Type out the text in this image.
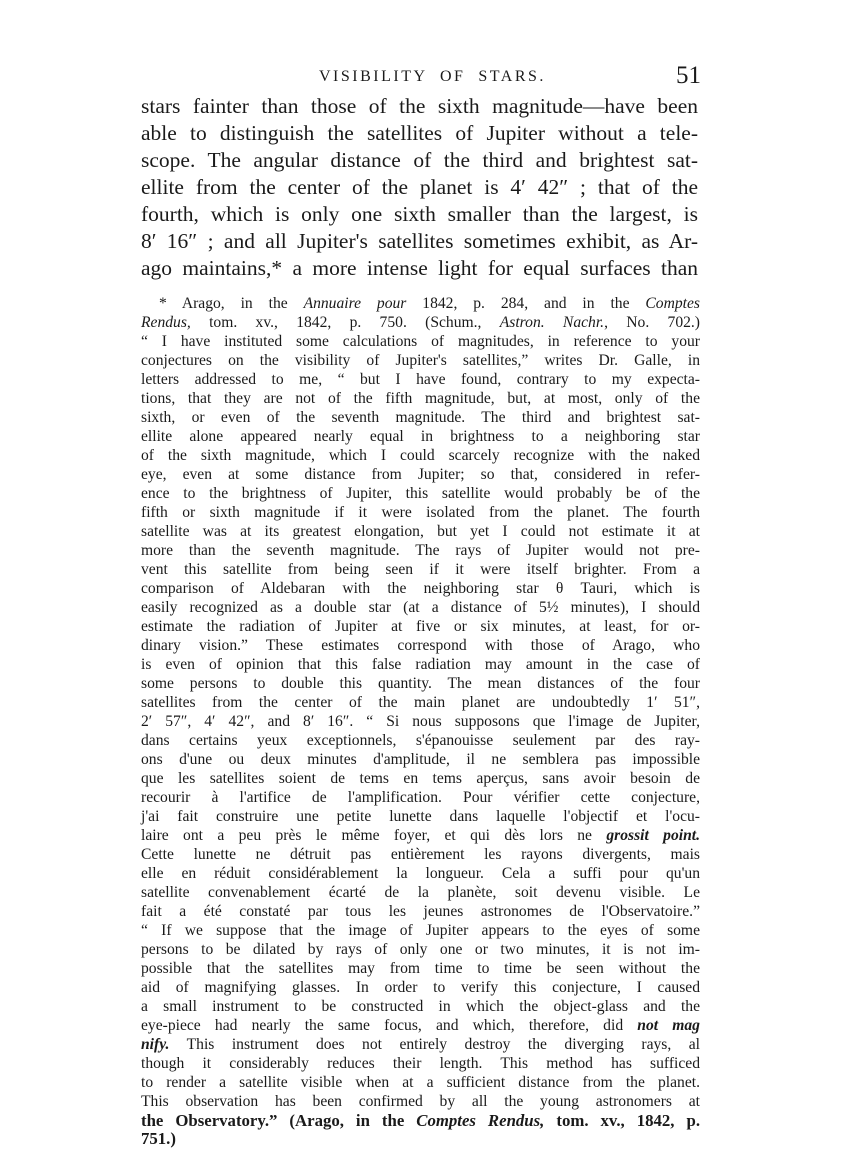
VISIBILITY  OF  STARS.	51
stars fainter than those of the sixth magnitude—have been
able to distinguish the satellites of Jupiter without a tele-
scope. The angular distance of the third and brightest sat-
ellite from the center of the planet is 4′ 42″ ; that of the
fourth, which is only one sixth smaller than the largest, is
8′ 16″ ; and all Jupiter's satellites sometimes exhibit, as Ar-
ago maintains,* a more intense light for equal surfaces than
* Arago, in the Annuaire pour 1842, p. 284, and in the Comptes
Rendus, tom. xv., 1842, p. 750. (Schum., Astron. Nachr., No. 702.)
“ I have instituted some calculations of magnitudes, in reference to your
conjectures on the visibility of Jupiter's satellites,” writes Dr. Galle, in
letters addressed to me, “ but I have found, contrary to my expecta-
tions, that they are not of the fifth magnitude, but, at most, only of the
sixth, or even of the seventh magnitude. The third and brightest sat-
ellite alone appeared nearly equal in brightness to a neighboring star
of the sixth magnitude, which I could scarcely recognize with the naked
eye, even at some distance from Jupiter; so that, considered in refer-
ence to the brightness of Jupiter, this satellite would probably be of the
fifth or sixth magnitude if it were isolated from the planet. The fourth
satellite was at its greatest elongation, but yet I could not estimate it at
more than the seventh magnitude. The rays of Jupiter would not pre-
vent this satellite from being seen if it were itself brighter. From a
comparison of Aldebaran with the neighboring star θ Tauri, which is
easily recognized as a double star (at a distance of 5½ minutes), I should
estimate the radiation of Jupiter at five or six minutes, at least, for or-
dinary vision.” These estimates correspond with those of Arago, who
is even of opinion that this false radiation may amount in the case of
some persons to double this quantity. The mean distances of the four
satellites from the center of the main planet are undoubtedly 1′ 51″,
2′ 57″, 4′ 42″, and 8′ 16″. “ Si nous supposons que l'image de Jupiter,
dans certains yeux exceptionnels, s'épanouisse seulement par des ray-
ons d'une ou deux minutes d'amplitude, il ne semblera pas impossible
que les satellites soient de tems en tems aperçus, sans avoir besoin de
recourir à l'artifice de l'amplification. Pour vérifier cette conjecture,
j'ai fait construire une petite lunette dans laquelle l'objectif et l'ocu-
laire ont a peu près le même foyer, et qui dès lors ne grossit point.
Cette lunette ne détruit pas entièrement les rayons divergents, mais
elle en réduit considérablement la longueur. Cela a suffi pour qu'un
satellite convenablement écarté de la planète, soit devenu visible. Le
fait a été constaté par tous les jeunes astronomes de l'Observatoire.”
“ If we suppose that the image of Jupiter appears to the eyes of some
persons to be dilated by rays of only one or two minutes, it is not im-
possible that the satellites may from time to time be seen without the
aid of magnifying glasses. In order to verify this conjecture, I caused
a small instrument to be constructed in which the object-glass and the
eye-piece had nearly the same focus, and which, therefore, did not mag
nify. This instrument does not entirely destroy the diverging rays, al
though it considerably reduces their length. This method has sufficed
to render a satellite visible when at a sufficient distance from the planet.
This observation has been confirmed by all the young astronomers at
the Observatory.” (Arago, in the Comptes Rendus, tom. xv., 1842, p.
751.)
